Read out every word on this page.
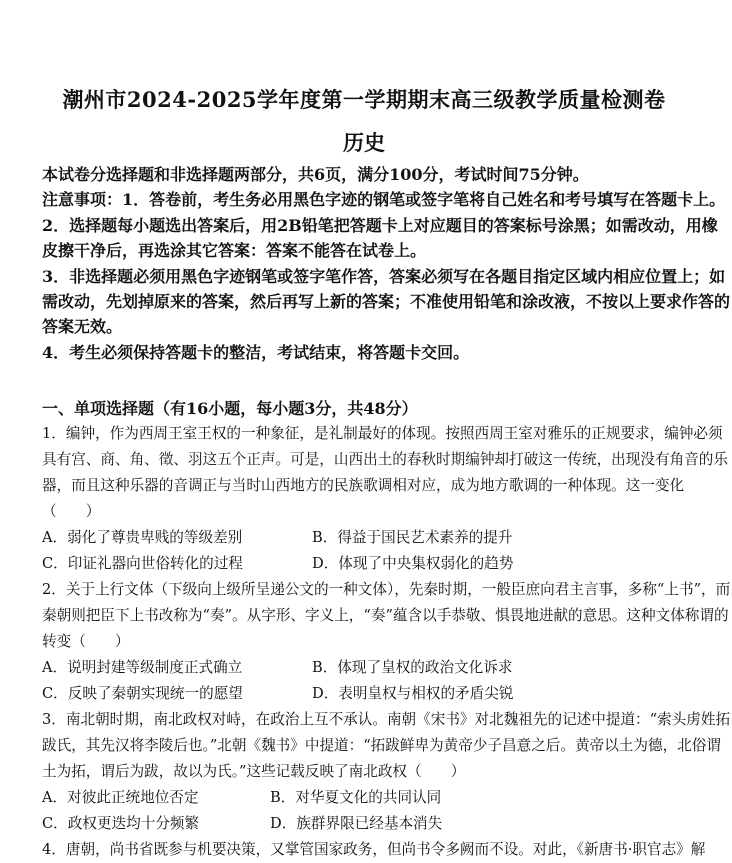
潮州市2024-2025学年度第一学期期末高三级教学质量检测卷
历史

本试卷分选择题和非选择题两部分，共6页，满分100分，考试时间75分钟。

注意事项：1．答卷前，考生务必用黑色字迹的钢笔或签字笔将自己姓名和考号填写在答题卡上。

2．选择题每小题选出答案后，用2B铅笔把答题卡上对应题目的答案标号涂黑；如需改动，用橡皮擦干净后，再选涂其它答案：答案不能答在试卷上。

3．非选择题必须用黑色字迹钢笔或签字笔作答，答案必须写在各题目指定区域内相应位置上；如需改动，先划掉原来的答案，然后再写上新的答案；不准使用铅笔和涂改液，不按以上要求作答的答案无效。

4．考生必须保持答题卡的整洁，考试结束，将答题卡交回。

一、单项选择题（有16小题，每小题3分，共48分）

1．编钟，作为西周王室王权的一种象征，是礼制最好的体现。按照西周王室对雅乐的正规要求，编钟必须具有宫、商、角、徵、羽这五个正声。可是，山西出土的春秋时期编钟却打破这一传统，出现没有角音的乐器，而且这种乐器的音调正与当时山西地方的民族歌调相对应，成为地方歌调的一种体现。这一变化（　　）

A．弱化了尊贵卑贱的等级差别	B．得益于国民艺术素养的提升
C．印证礼器向世俗转化的过程	D．体现了中央集权弱化的趋势

2．关于上行文体（下级向上级所呈递公文的一种文体），先秦时期，一般臣庶向君主言事，多称“上书”，而秦朝则把臣下上书改称为“奏”。从字形、字义上，“奏”蕴含以手恭敬、惧畏地进献的意思。这种文体称谓的转变（　　）

A．说明封建等级制度正式确立	B．体现了皇权的政治文化诉求
C．反映了秦朝实现统一的愿望	D．表明皇权与相权的矛盾尖锐

3．南北朝时期，南北政权对峙，在政治上互不承认。南朝《宋书》对北魏祖先的记述中提道：“索头虏姓拓跋氏，其先汉将李陵后也。”北朝《魏书》中提道：“拓跋鲜卑为黄帝少子昌意之后。黄帝以土为德，北俗谓土为拓，谓后为跋，故以为氏。”这些记载反映了南北政权（　　）

A．对彼此正统地位否定	B．对华夏文化的共同认同
C．政权更迭均十分频繁	D．族群界限已经基本消失

4．唐朝，尚书省既参与机要决策，又掌管国家政务，但尚书令多阙而不设。对此，《新唐书·职官志》解
